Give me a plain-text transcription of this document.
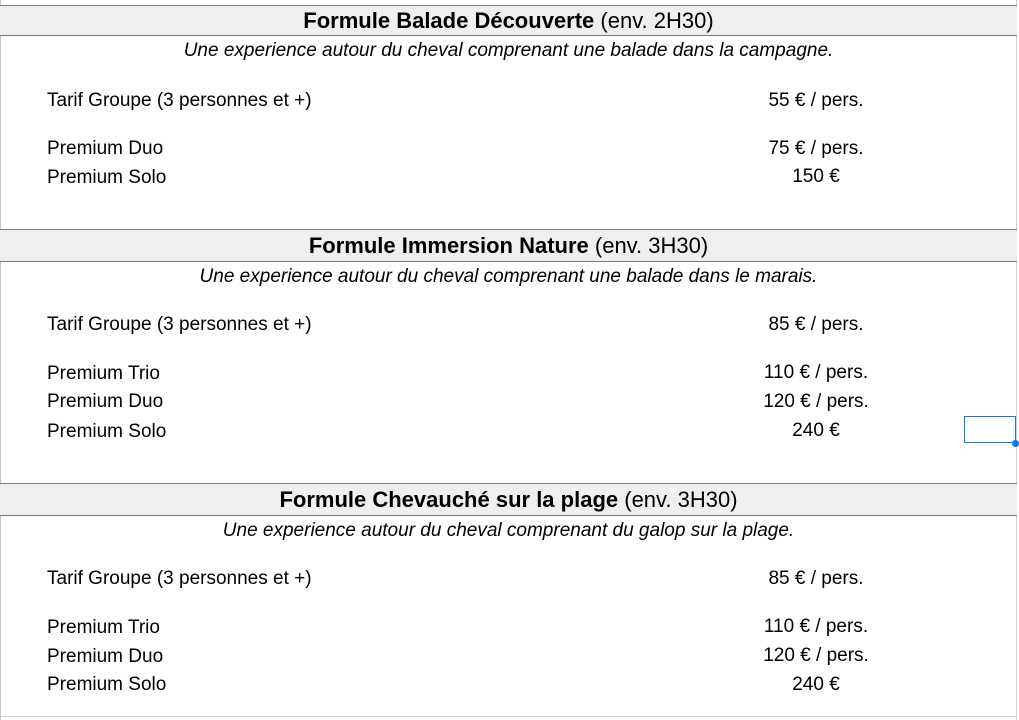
Formule Balade Découverte (env. 2H30)
Une experience autour du cheval comprenant une balade dans la campagne.
Tarif Groupe (3 personnes et +)	55 € / pers.
Premium Duo	75 € / pers.
Premium Solo	150 €
Formule Immersion Nature (env. 3H30)
Une experience autour du cheval comprenant une balade dans le marais.
Tarif Groupe (3 personnes et +)	85 € / pers.
Premium Trio	110 € / pers.
Premium Duo	120 € / pers.
Premium Solo	240 €
Formule Chevauché sur la plage (env. 3H30)
Une experience autour du cheval comprenant du galop sur la plage.
Tarif Groupe (3 personnes et +)	85 € / pers.
Premium Trio	110 € / pers.
Premium Duo	120 € / pers.
Premium Solo	240 €
